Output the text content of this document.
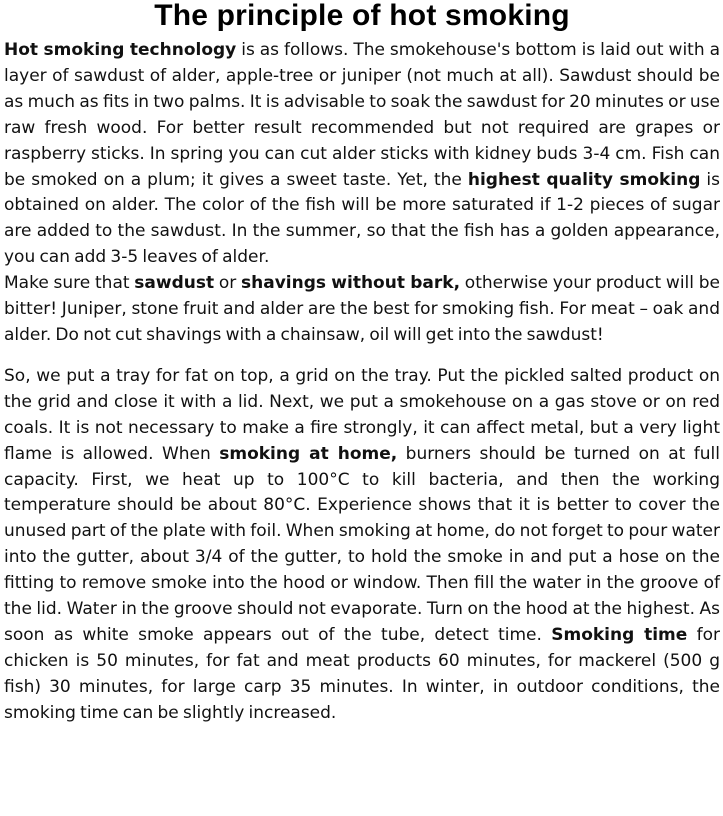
The principle of hot smoking

Hot smoking technology is as follows. The smokehouse's bottom is laid out with a layer of sawdust of alder, apple-tree or juniper (not much at all). Sawdust should be as much as fits in two palms. It is advisable to soak the sawdust for 20 minutes or use raw fresh wood. For better result recommended but not required are grapes or raspberry sticks. In spring you can cut alder sticks with kidney buds 3-4 cm. Fish can be smoked on a plum; it gives a sweet taste. Yet, the highest quality smoking is obtained on alder. The color of the fish will be more saturated if 1-2 pieces of sugar are added to the sawdust. In the summer, so that the fish has a golden appearance, you can add 3-5 leaves of alder.

Make sure that sawdust or shavings without bark, otherwise your product will be bitter! Juniper, stone fruit and alder are the best for smoking fish. For meat – oak and alder. Do not cut shavings with a chainsaw, oil will get into the sawdust!

So, we put a tray for fat on top, a grid on the tray. Put the pickled salted product on the grid and close it with a lid. Next, we put a smokehouse on a gas stove or on red coals. It is not necessary to make a fire strongly, it can affect metal, but a very light flame is allowed. When smoking at home, burners should be turned on at full capacity. First, we heat up to 100°C to kill bacteria, and then the working temperature should be about 80°C. Experience shows that it is better to cover the unused part of the plate with foil. When smoking at home, do not forget to pour water into the gutter, about 3/4 of the gutter, to hold the smoke in and put a hose on the fitting to remove smoke into the hood or window. Then fill the water in the groove of the lid. Water in the groove should not evaporate. Turn on the hood at the highest. As soon as white smoke appears out of the tube, detect time. Smoking time for chicken is 50 minutes, for fat and meat products 60 minutes, for mackerel (500 g fish) 30 minutes, for large carp 35 minutes. In winter, in outdoor conditions, the smoking time can be slightly increased.
